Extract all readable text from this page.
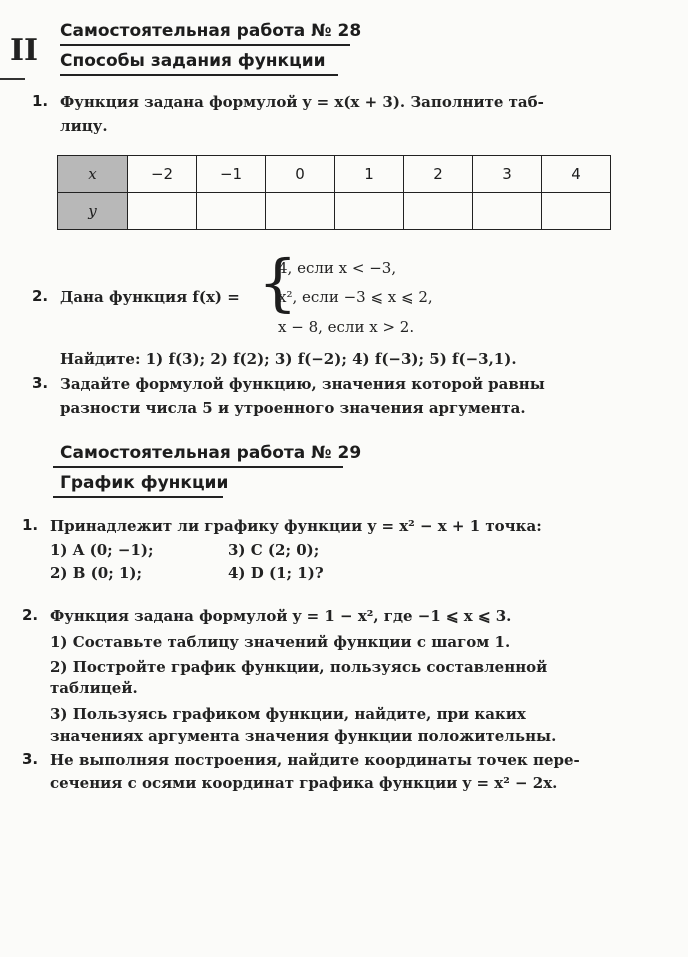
II
Самостоятельная работа № 28
Способы задания функции
1. Функция задана формулой y = x(x + 3). Заполните таб-
лицу.
x	−2	−1	0	1	2	3	4
y							
2. Дана функция f(x) = {
4, если x < −3,
x², если −3 ⩽ x ⩽ 2,
x − 8, если x > 2.
Найдите: 1) f(3); 2) f(2); 3) f(−2); 4) f(−3); 5) f(−3,1).
3. Задайте формулой функцию, значения которой равны
разности числа 5 и утроенного значения аргумента.
Самостоятельная работа № 29
График функции
1. Принадлежит ли графику функции y = x² − x + 1 точка:
1) A (0; −1);	3) C (2; 0);
2) B (0; 1);	4) D (1; 1)?
2. Функция задана формулой y = 1 − x², где −1 ⩽ x ⩽ 3.
1) Составьте таблицу значений функции с шагом 1.
2) Постройте график функции, пользуясь составленной
таблицей.
3) Пользуясь графиком функции, найдите, при каких
значениях аргумента значения функции положительны.
3. Не выполняя построения, найдите координаты точек пере-
сечения с осями координат графика функции y = x² − 2x.
